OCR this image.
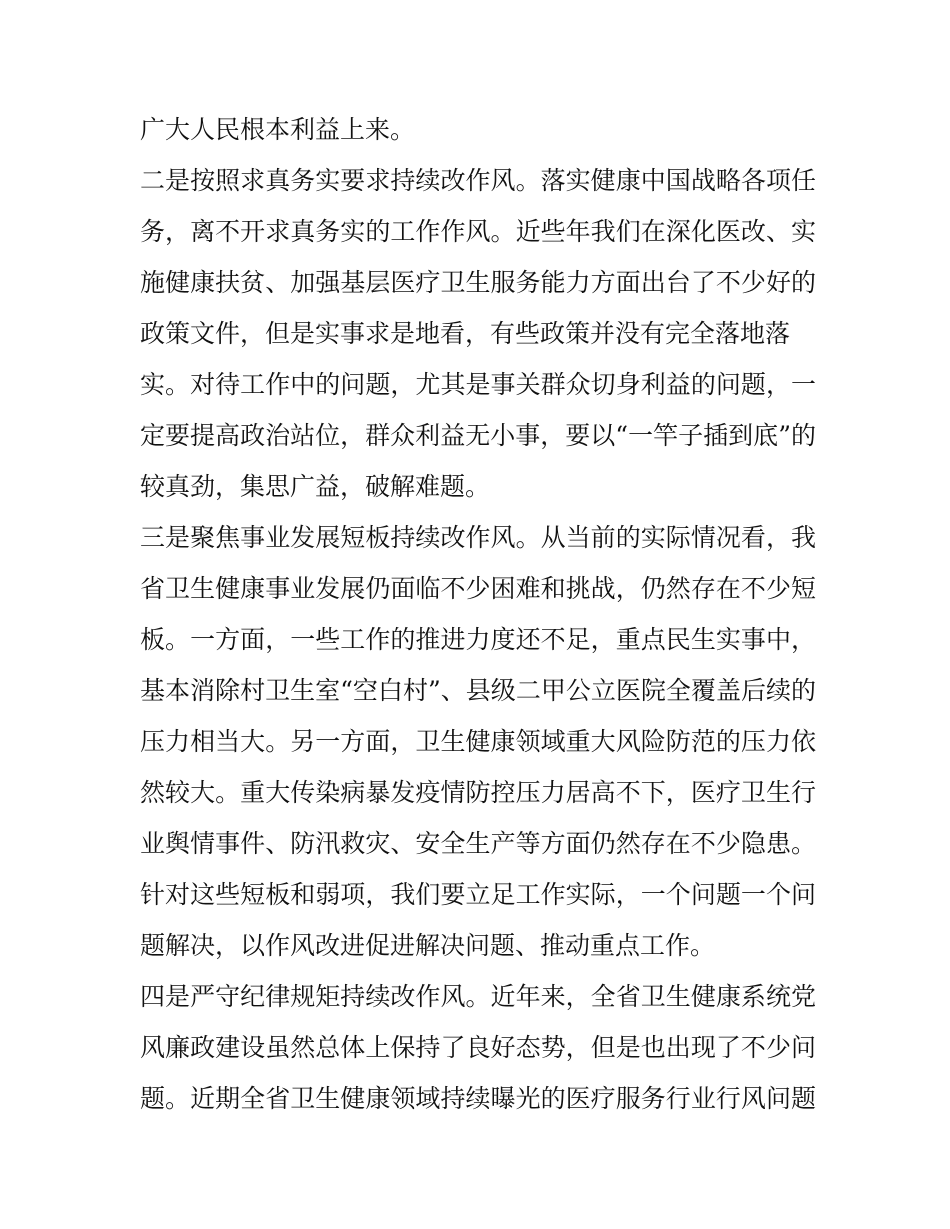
广大人民根本利益上来。
二是按照求真务实要求持续改作风。落实健康中国战略各项任
务，离不开求真务实的工作作风。近些年我们在深化医改、实
施健康扶贫、加强基层医疗卫生服务能力方面出台了不少好的
政策文件，但是实事求是地看，有些政策并没有完全落地落
实。对待工作中的问题，尤其是事关群众切身利益的问题，一
定要提高政治站位，群众利益无小事，要以“一竿子插到底”的
较真劲，集思广益，破解难题。
三是聚焦事业发展短板持续改作风。从当前的实际情况看，我
省卫生健康事业发展仍面临不少困难和挑战，仍然存在不少短
板。一方面，一些工作的推进力度还不足，重点民生实事中，
基本消除村卫生室“空白村”、县级二甲公立医院全覆盖后续的
压力相当大。另一方面，卫生健康领域重大风险防范的压力依
然较大。重大传染病暴发疫情防控压力居高不下，医疗卫生行
业舆情事件、防汛救灾、安全生产等方面仍然存在不少隐患。
针对这些短板和弱项，我们要立足工作实际，一个问题一个问
题解决，以作风改进促进解决问题、推动重点工作。
四是严守纪律规矩持续改作风。近年来，全省卫生健康系统党
风廉政建设虽然总体上保持了良好态势，但是也出现了不少问
题。近期全省卫生健康领域持续曝光的医疗服务行业行风问题
